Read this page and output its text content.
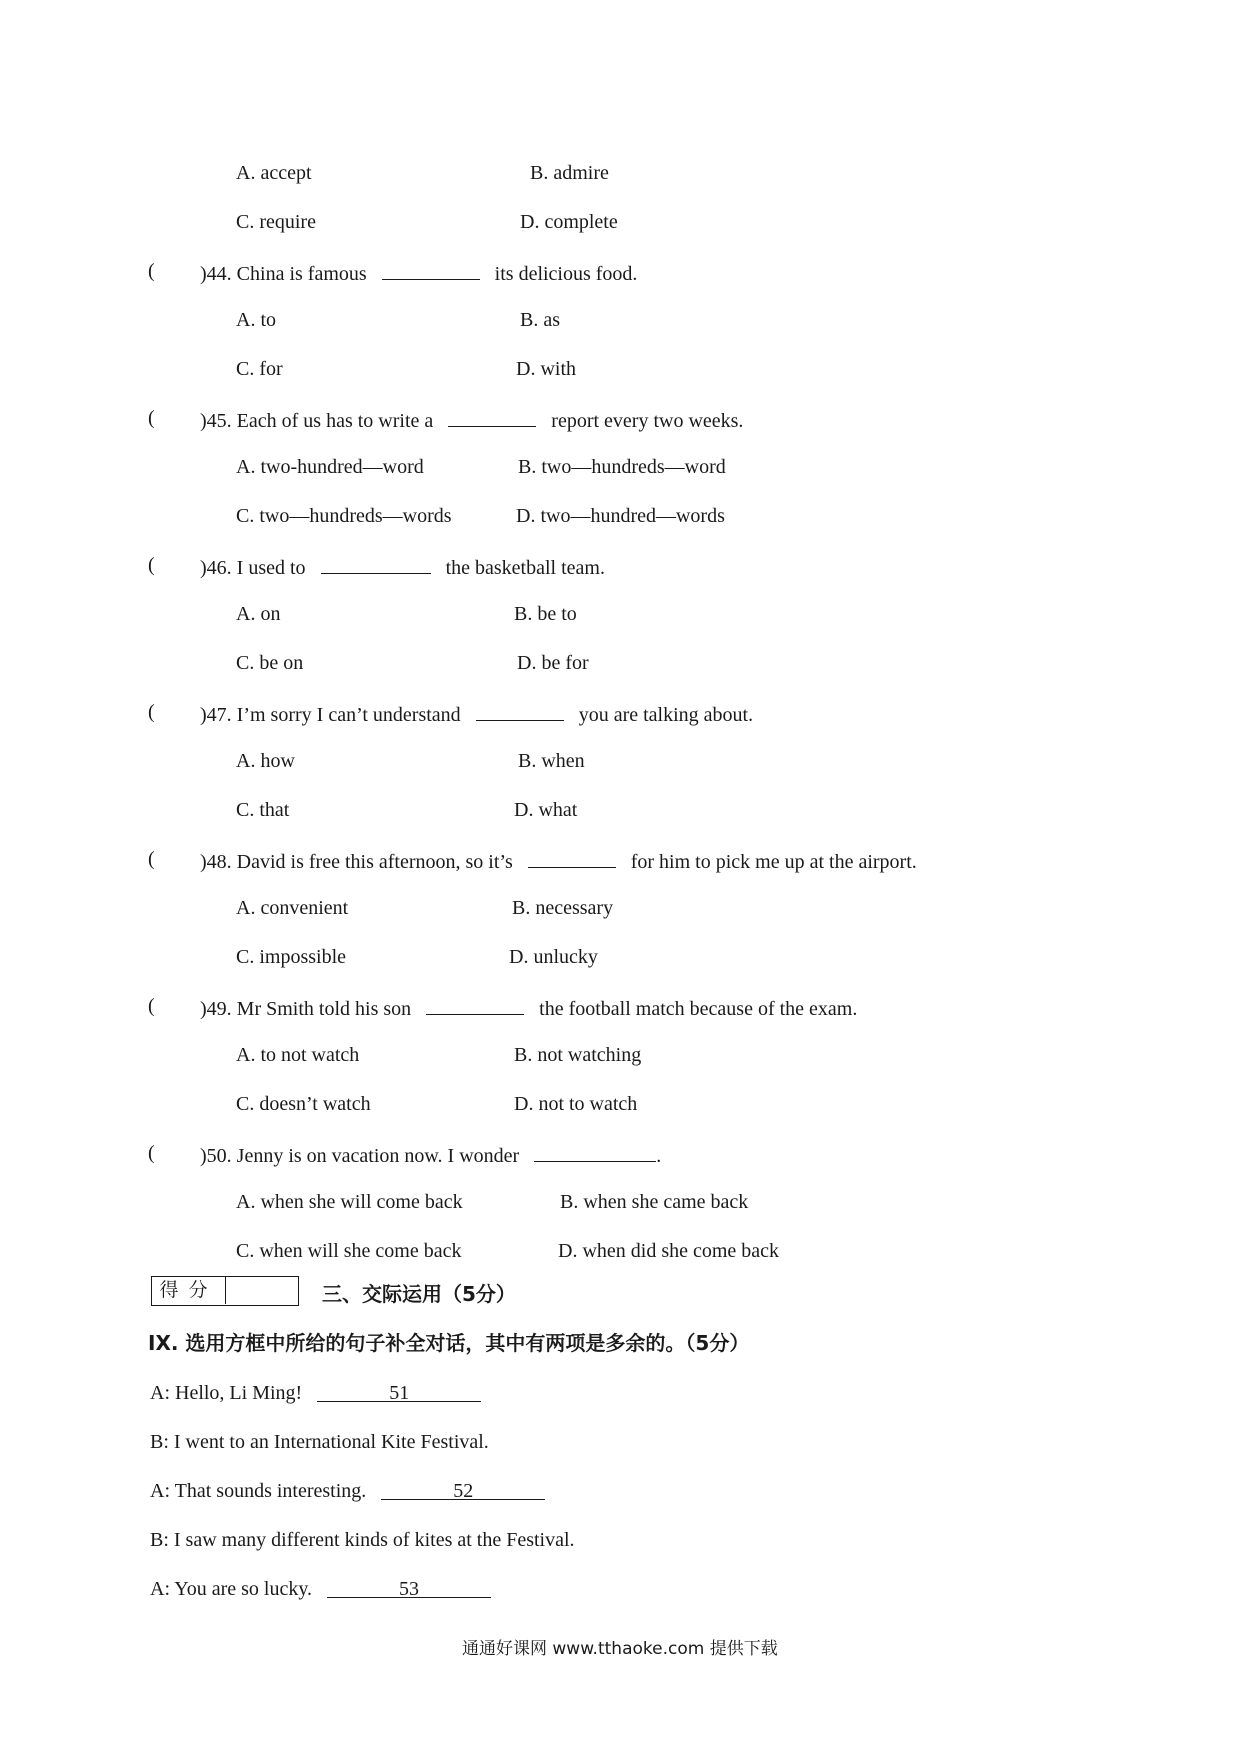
A. accept	B. admire
C. require	D. complete
( )44. China is famous	its delicious food.
A. to	B. as
C. for	D. with
( )45. Each of us has to write a	report every two weeks.
A. two-hundred—word	B. two—hundreds—word
C. two—hundreds—words	D. two—hundred—words
( )46. I used to	the basketball team.
A. on	B. be to
C. be on	D. be for
( )47. I’m sorry I can’t understand	you are talking about.
A. how	B. when
C. that	D. what
( )48. David is free this afternoon, so it’s	for him to pick me up at the airport.
A. convenient	B. necessary
C. impossible	D. unlucky
( )49. Mr Smith told his son	the football match because of the exam.
A. to not watch	B. not watching
C. doesn’t watch	D. not to watch
( )50. Jenny is on vacation now. I wonder	.
A. when she will come back	B. when she came back
C. when will she come back	D. when did she come back
得分	三、交际运用（5分）
IX. 选用方框中所给的句子补全对话，其中有两项是多余的。（5分）
A: Hello, Li Ming!	51
B: I went to an International Kite Festival.
A: That sounds interesting.	52
B: I saw many different kinds of kites at the Festival.
A: You are so lucky.	53
通通好课网 www.tthaoke.com 提供下载
